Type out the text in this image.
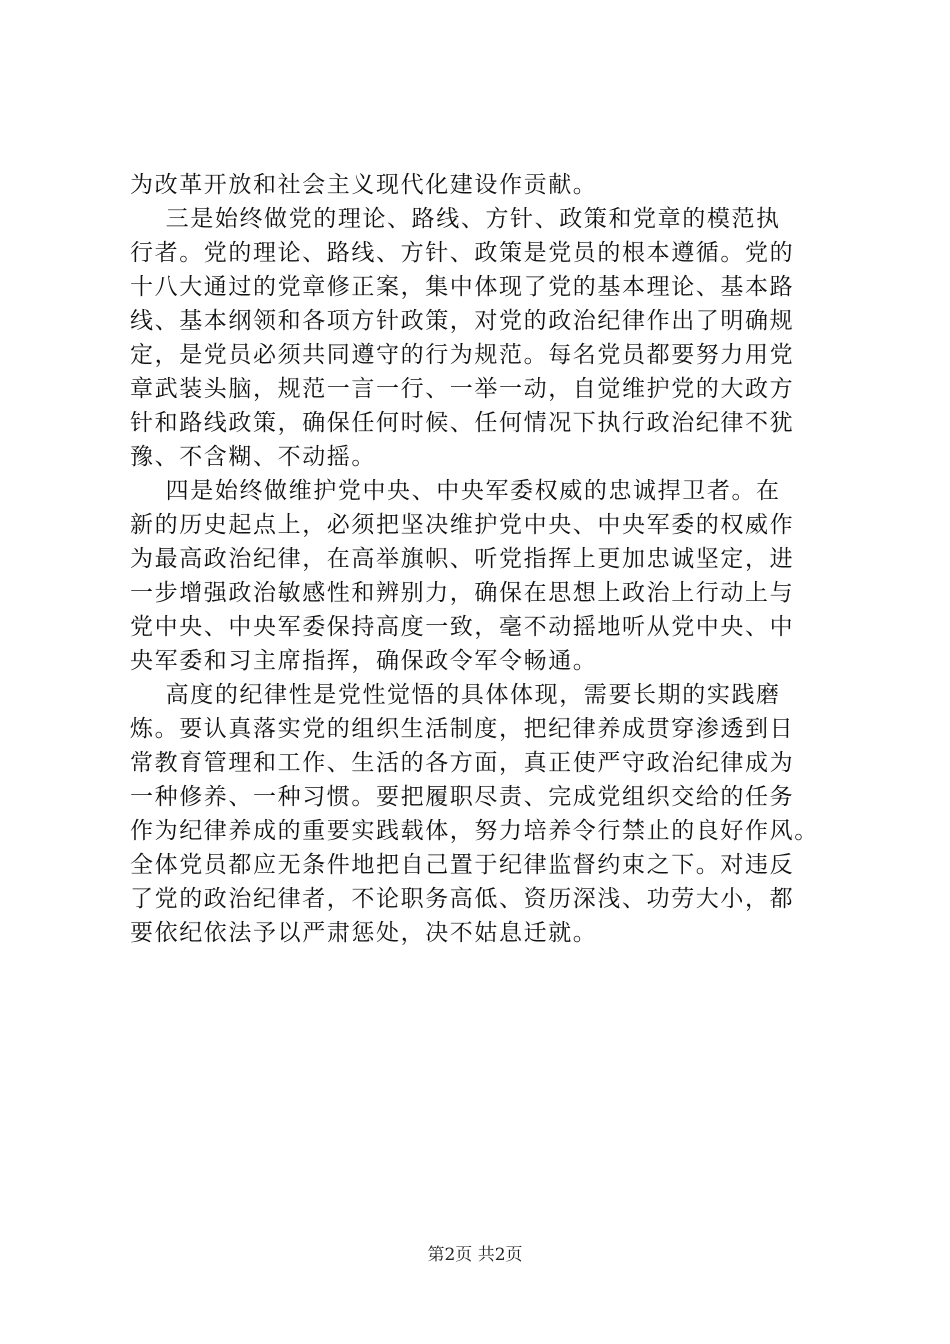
为改革开放和社会主义现代化建设作贡献。
三是始终做党的理论、路线、方针、政策和党章的模范执
行者。党的理论、路线、方针、政策是党员的根本遵循。党的
十八大通过的党章修正案，集中体现了党的基本理论、基本路
线、基本纲领和各项方针政策，对党的政治纪律作出了明确规
定，是党员必须共同遵守的行为规范。每名党员都要努力用党
章武装头脑，规范一言一行、一举一动，自觉维护党的大政方
针和路线政策，确保任何时候、任何情况下执行政治纪律不犹
豫、不含糊、不动摇。
四是始终做维护党中央、中央军委权威的忠诚捍卫者。在
新的历史起点上，必须把坚决维护党中央、中央军委的权威作
为最高政治纪律，在高举旗帜、听党指挥上更加忠诚坚定，进
一步增强政治敏感性和辨别力，确保在思想上政治上行动上与
党中央、中央军委保持高度一致，毫不动摇地听从党中央、中
央军委和习主席指挥，确保政令军令畅通。
高度的纪律性是党性觉悟的具体体现，需要长期的实践磨
炼。要认真落实党的组织生活制度，把纪律养成贯穿渗透到日
常教育管理和工作、生活的各方面，真正使严守政治纪律成为
一种修养、一种习惯。要把履职尽责、完成党组织交给的任务
作为纪律养成的重要实践载体，努力培养令行禁止的良好作风。
全体党员都应无条件地把自己置于纪律监督约束之下。对违反
了党的政治纪律者，不论职务高低、资历深浅、功劳大小，都
要依纪依法予以严肃惩处，决不姑息迁就。
第2页 共2页
